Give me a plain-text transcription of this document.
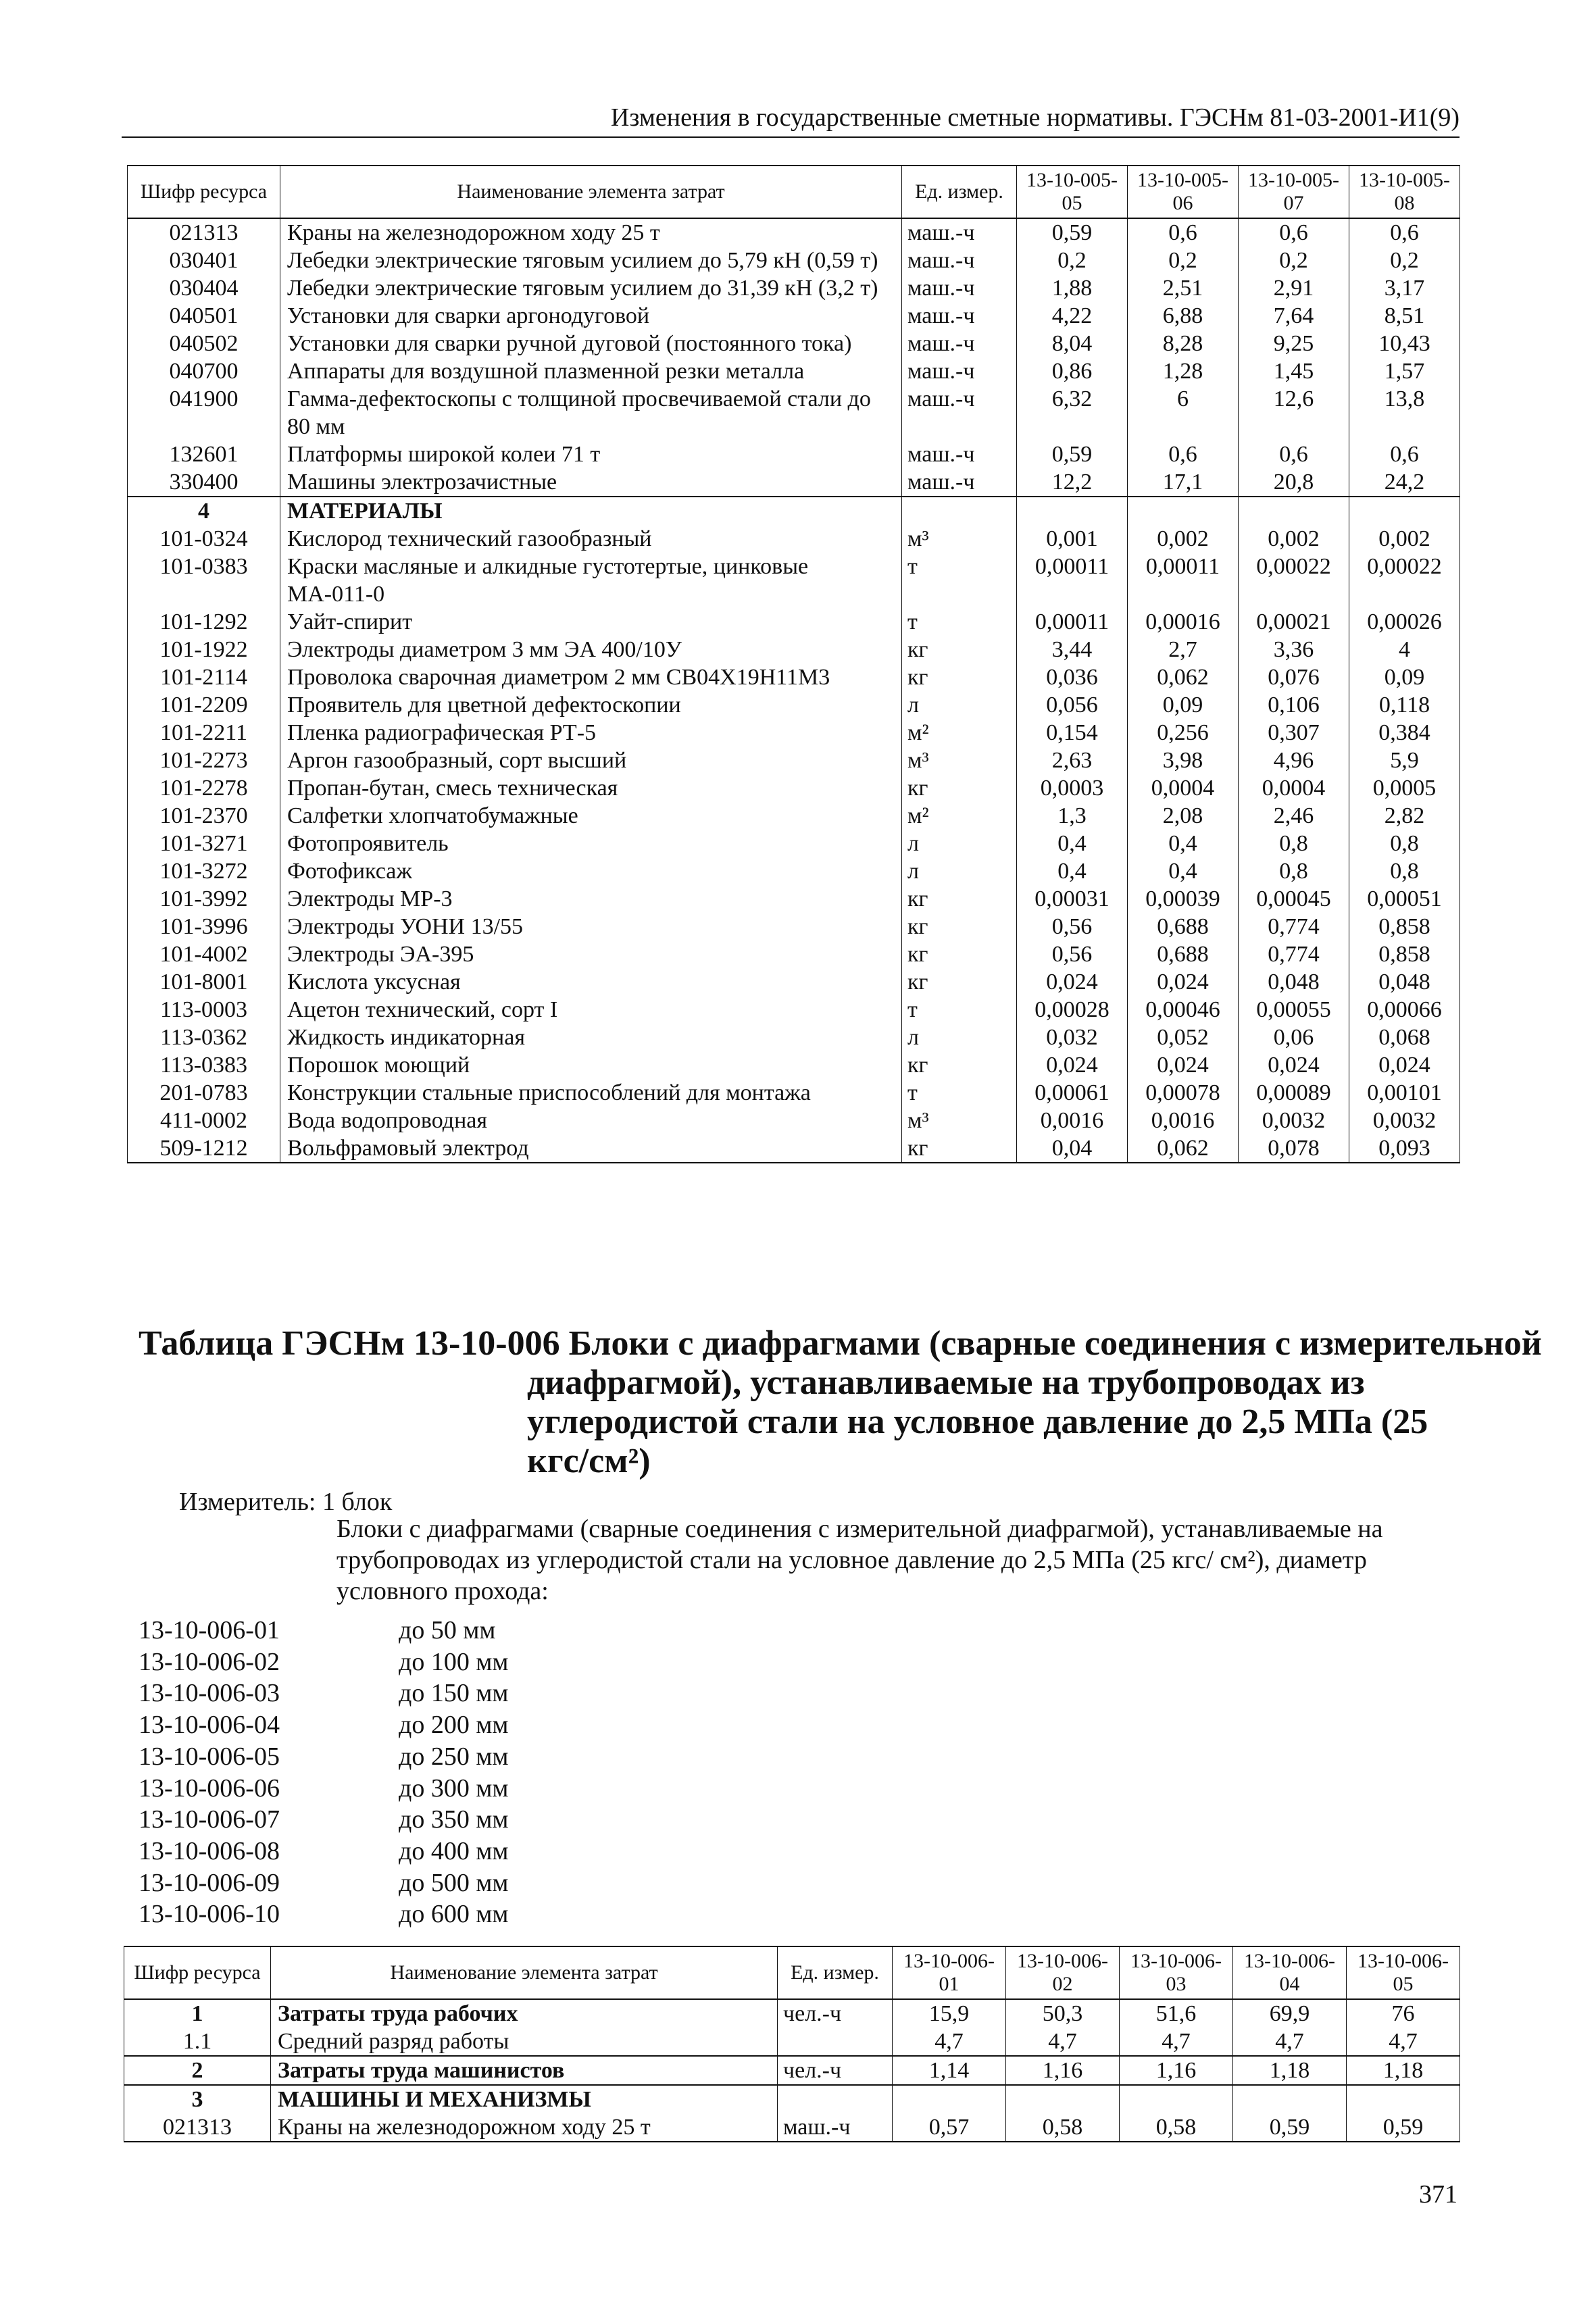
Изменения в государственные сметные нормативы. ГЭСНм 81-03-2001-И1(9)
Шифр ресурса	Наименование элемента затрат	Ед. измер.	13-10-005-05	13-10-005-06	13-10-005-07	13-10-005-08
021313	Краны на железнодорожном ходу 25 т	маш.-ч	0,59	0,6	0,6	0,6
030401	Лебедки электрические тяговым усилием до 5,79 кН (0,59 т)	маш.-ч	0,2	0,2	0,2	0,2
030404	Лебедки электрические тяговым усилием до 31,39 кН (3,2 т)	маш.-ч	1,88	2,51	2,91	3,17
040501	Установки для сварки аргонодуговой	маш.-ч	4,22	6,88	7,64	8,51
040502	Установки для сварки ручной дуговой (постоянного тока)	маш.-ч	8,04	8,28	9,25	10,43
040700	Аппараты для воздушной плазменной резки металла	маш.-ч	0,86	1,28	1,45	1,57
041900	Гамма-дефектоскопы с толщиной просвечиваемой стали до 80 мм	маш.-ч	6,32	6	12,6	13,8
132601	Платформы широкой колеи 71 т	маш.-ч	0,59	0,6	0,6	0,6
330400	Машины электрозачистные	маш.-ч	12,2	17,1	20,8	24,2
4	МАТЕРИАЛЫ					
101-0324	Кислород технический газообразный	м³	0,001	0,002	0,002	0,002
101-0383	Краски масляные и алкидные густотертые, цинковые МА-011-0	т	0,00011	0,00011	0,00022	0,00022
101-1292	Уайт-спирит	т	0,00011	0,00016	0,00021	0,00026
101-1922	Электроды диаметром 3 мм ЭА 400/10У	кг	3,44	2,7	3,36	4
101-2114	Проволока сварочная диаметром 2 мм СВ04Х19Н11М3	кг	0,036	0,062	0,076	0,09
101-2209	Проявитель для цветной дефектоскопии	л	0,056	0,09	0,106	0,118
101-2211	Пленка радиографическая РТ-5	м²	0,154	0,256	0,307	0,384
101-2273	Аргон газообразный, сорт высший	м³	2,63	3,98	4,96	5,9
101-2278	Пропан-бутан, смесь техническая	кг	0,0003	0,0004	0,0004	0,0005
101-2370	Салфетки хлопчатобумажные	м²	1,3	2,08	2,46	2,82
101-3271	Фотопроявитель	л	0,4	0,4	0,8	0,8
101-3272	Фотофиксаж	л	0,4	0,4	0,8	0,8
101-3992	Электроды МР-3	кг	0,00031	0,00039	0,00045	0,00051
101-3996	Электроды УОНИ 13/55	кг	0,56	0,688	0,774	0,858
101-4002	Электроды ЭА-395	кг	0,56	0,688	0,774	0,858
101-8001	Кислота уксусная	кг	0,024	0,024	0,048	0,048
113-0003	Ацетон технический, сорт I	т	0,00028	0,00046	0,00055	0,00066
113-0362	Жидкость индикаторная	л	0,032	0,052	0,06	0,068
113-0383	Порошок моющий	кг	0,024	0,024	0,024	0,024
201-0783	Конструкции стальные приспособлений для монтажа	т	0,00061	0,00078	0,00089	0,00101
411-0002	Вода водопроводная	м³	0,0016	0,0016	0,0032	0,0032
509-1212	Вольфрамовый электрод	кг	0,04	0,062	0,078	0,093
Таблица ГЭСНм 13-10-006 Блоки с диафрагмами (сварные соединения с измерительной
диафрагмой), устанавливаемые на трубопроводах из углеродистой стали на условное давление до 2,5 МПа (25 кгс/см²)
Измеритель: 1 блок
Блоки с диафрагмами (сварные соединения с измерительной диафрагмой), устанавливаемые на трубопроводах из углеродистой стали на условное давление до 2,5 МПа (25 кгс/ см²), диаметр условного прохода:
13-10-006-01	до 50 мм
13-10-006-02	до 100 мм
13-10-006-03	до 150 мм
13-10-006-04	до 200 мм
13-10-006-05	до 250 мм
13-10-006-06	до 300 мм
13-10-006-07	до 350 мм
13-10-006-08	до 400 мм
13-10-006-09	до 500 мм
13-10-006-10	до 600 мм
Шифр ресурса	Наименование элемента затрат	Ед. измер.	13-10-006-01	13-10-006-02	13-10-006-03	13-10-006-04	13-10-006-05
1	Затраты труда рабочих	чел.-ч	15,9	50,3	51,6	69,9	76
1.1	Средний разряд работы		4,7	4,7	4,7	4,7	4,7
2	Затраты труда машинистов	чел.-ч	1,14	1,16	1,16	1,18	1,18
3	МАШИНЫ И МЕХАНИЗМЫ						
021313	Краны на железнодорожном ходу 25 т	маш.-ч	0,57	0,58	0,58	0,59	0,59
371
